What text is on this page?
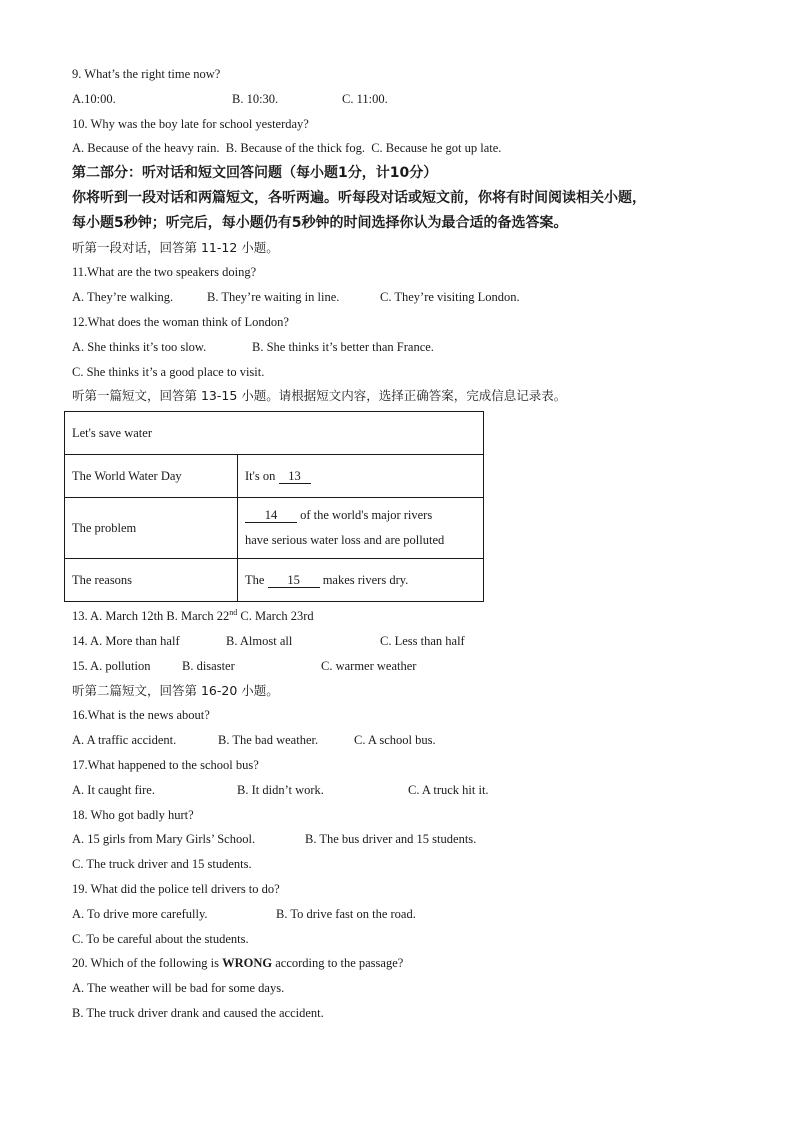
9. What’s the right time now?
A.10:00.	B. 10:30.	C. 11:00.
10. Why was the boy late for school yesterday?
A. Because of the heavy rain. B. Because of the thick fog. C. Because he got up late.
第二部分：听对话和短文回答问题（每小题1分，计10分）
你将听到一段对话和两篇短文，各听两遍。听每段对话或短文前，你将有时间阅读相关小题，
每小题5秒钟；听完后，每小题仍有5秒钟的时间选择你认为最合适的备选答案。
听第一段对话，回答第 11-12 小题。
11.What are the two speakers doing?
A. They’re walking.	B. They’re waiting in line.	C. They’re visiting London.
12.What does the woman think of London?
A. She thinks it’s too slow.	B. She thinks it’s better than France.
C. She thinks it’s a good place to visit.
听第一篇短文，回答第 13-15 小题。请根据短文内容，选择正确答案，完成信息记录表。
Let's save water	
The World Water Day	It's on 13
The problem	14 of the world's major rivers
have serious water loss and are polluted
The reasons	The 15 makes rivers dry.
13. A. March 12th B. March 22nd C. March 23rd
14. A. More than half	B. Almost all	C. Less than half
15. A. pollution	B. disaster	C. warmer weather
听第二篇短文，回答第 16-20 小题。
16.What is the news about?
A. A traffic accident.	B. The bad weather.	C. A school bus.
17.What happened to the school bus?
A. It caught fire.	B. It didn’t work.	C. A truck hit it.
18. Who got badly hurt?
A. 15 girls from Mary Girls’ School.	B. The bus driver and 15 students.
C. The truck driver and 15 students.
19. What did the police tell drivers to do?
A. To drive more carefully.	B. To drive fast on the road.
C. To be careful about the students.
20. Which of the following is WRONG according to the passage?
A. The weather will be bad for some days.
B. The truck driver drank and caused the accident.
